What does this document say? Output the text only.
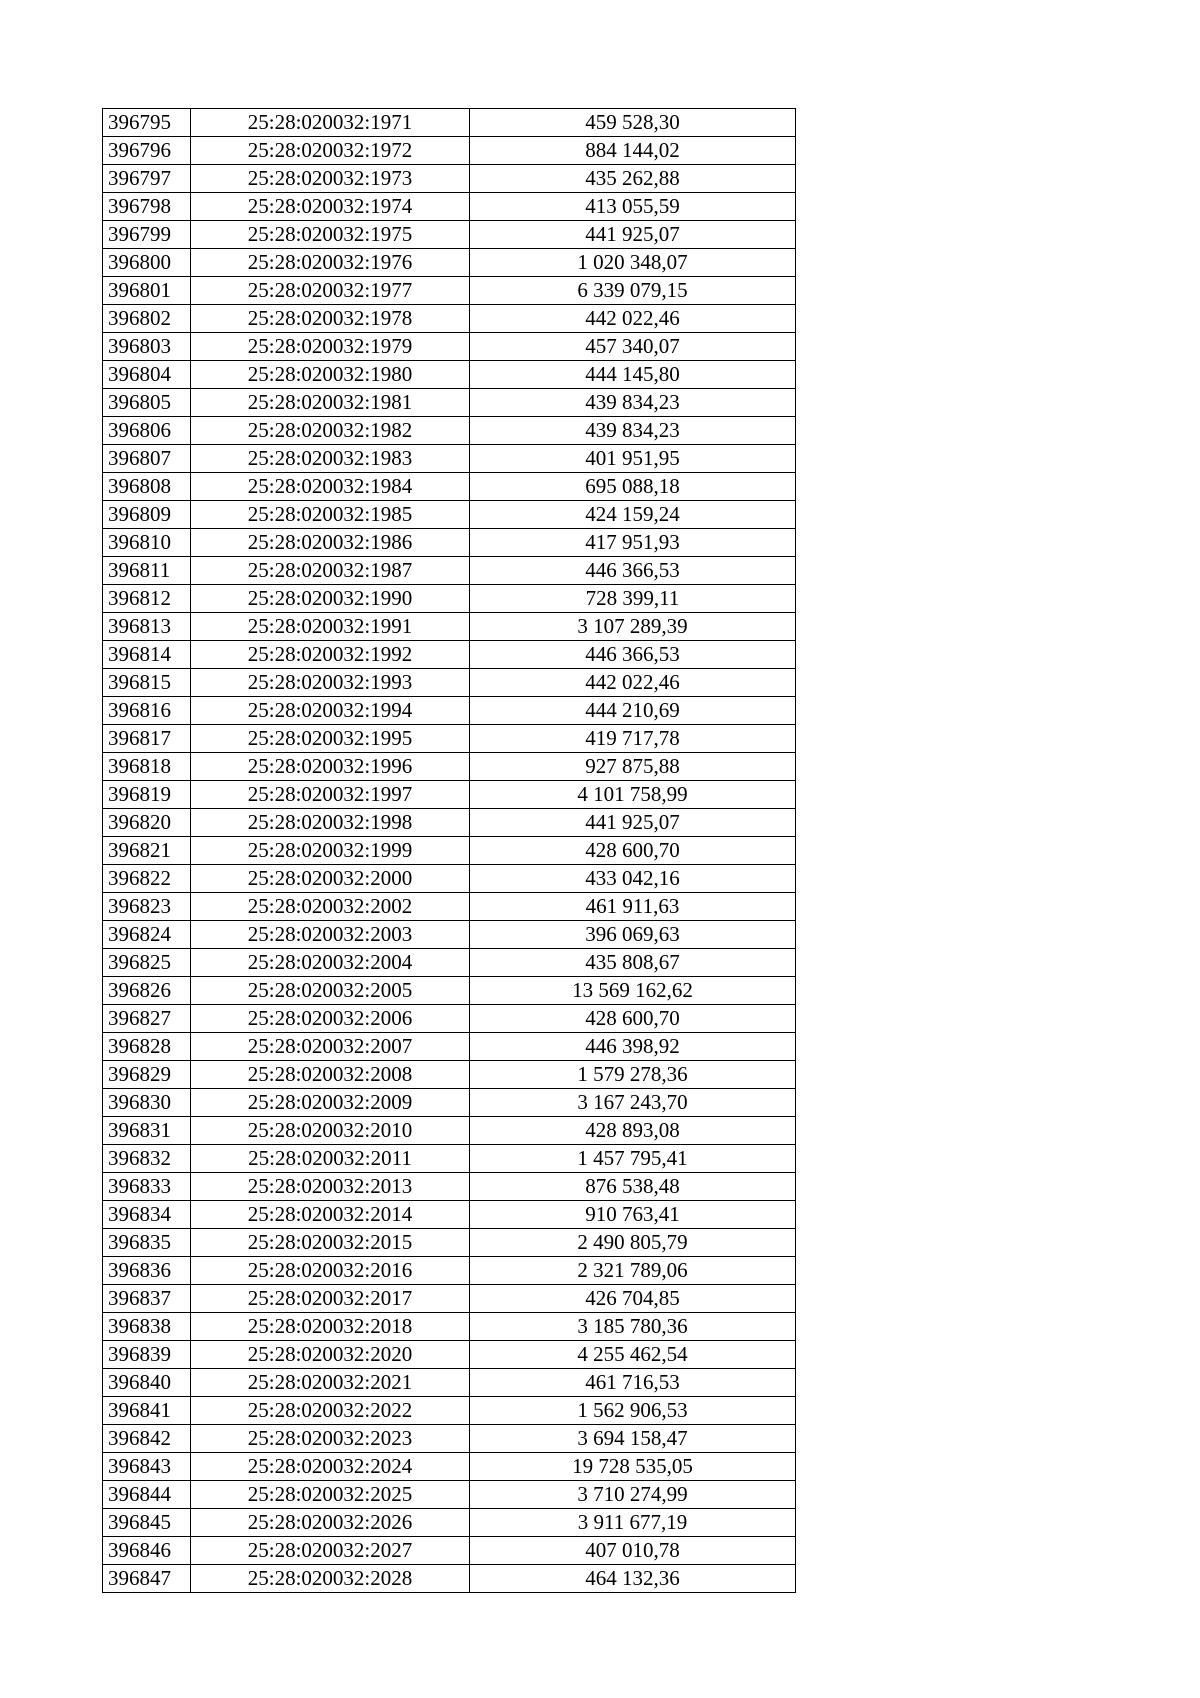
396795	25:28:020032:1971	459 528,30
396796	25:28:020032:1972	884 144,02
396797	25:28:020032:1973	435 262,88
396798	25:28:020032:1974	413 055,59
396799	25:28:020032:1975	441 925,07
396800	25:28:020032:1976	1 020 348,07
396801	25:28:020032:1977	6 339 079,15
396802	25:28:020032:1978	442 022,46
396803	25:28:020032:1979	457 340,07
396804	25:28:020032:1980	444 145,80
396805	25:28:020032:1981	439 834,23
396806	25:28:020032:1982	439 834,23
396807	25:28:020032:1983	401 951,95
396808	25:28:020032:1984	695 088,18
396809	25:28:020032:1985	424 159,24
396810	25:28:020032:1986	417 951,93
396811	25:28:020032:1987	446 366,53
396812	25:28:020032:1990	728 399,11
396813	25:28:020032:1991	3 107 289,39
396814	25:28:020032:1992	446 366,53
396815	25:28:020032:1993	442 022,46
396816	25:28:020032:1994	444 210,69
396817	25:28:020032:1995	419 717,78
396818	25:28:020032:1996	927 875,88
396819	25:28:020032:1997	4 101 758,99
396820	25:28:020032:1998	441 925,07
396821	25:28:020032:1999	428 600,70
396822	25:28:020032:2000	433 042,16
396823	25:28:020032:2002	461 911,63
396824	25:28:020032:2003	396 069,63
396825	25:28:020032:2004	435 808,67
396826	25:28:020032:2005	13 569 162,62
396827	25:28:020032:2006	428 600,70
396828	25:28:020032:2007	446 398,92
396829	25:28:020032:2008	1 579 278,36
396830	25:28:020032:2009	3 167 243,70
396831	25:28:020032:2010	428 893,08
396832	25:28:020032:2011	1 457 795,41
396833	25:28:020032:2013	876 538,48
396834	25:28:020032:2014	910 763,41
396835	25:28:020032:2015	2 490 805,79
396836	25:28:020032:2016	2 321 789,06
396837	25:28:020032:2017	426 704,85
396838	25:28:020032:2018	3 185 780,36
396839	25:28:020032:2020	4 255 462,54
396840	25:28:020032:2021	461 716,53
396841	25:28:020032:2022	1 562 906,53
396842	25:28:020032:2023	3 694 158,47
396843	25:28:020032:2024	19 728 535,05
396844	25:28:020032:2025	3 710 274,99
396845	25:28:020032:2026	3 911 677,19
396846	25:28:020032:2027	407 010,78
396847	25:28:020032:2028	464 132,36
